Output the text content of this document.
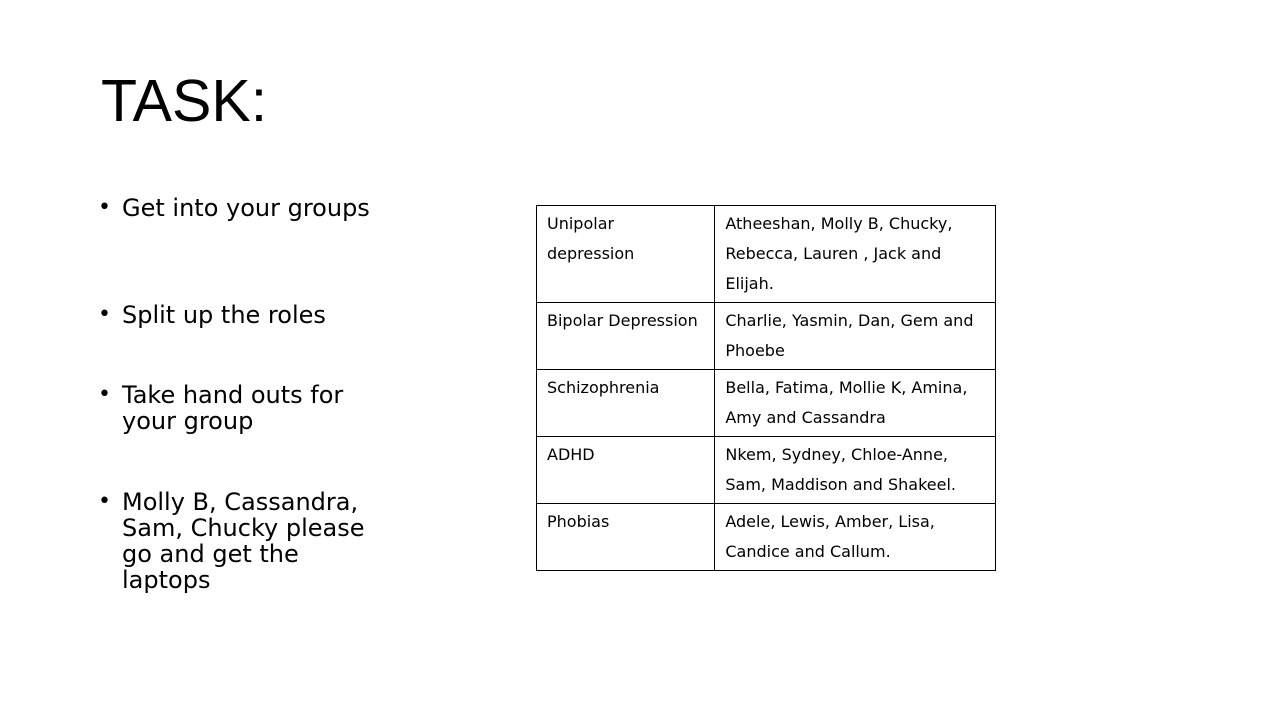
TASK:
• Get into your groups
• Split up the roles
• Take hand outs for your group
• Molly B, Cassandra, Sam, Chucky please go and get the laptops
Unipolar depression	Atheeshan, Molly B, Chucky, Rebecca, Lauren , Jack and Elijah.
Bipolar Depression	Charlie, Yasmin, Dan, Gem and Phoebe
Schizophrenia	Bella, Fatima, Mollie K, Amina, Amy and Cassandra
ADHD	Nkem, Sydney, Chloe-Anne, Sam, Maddison and Shakeel.
Phobias	Adele, Lewis, Amber, Lisa, Candice and Callum.
